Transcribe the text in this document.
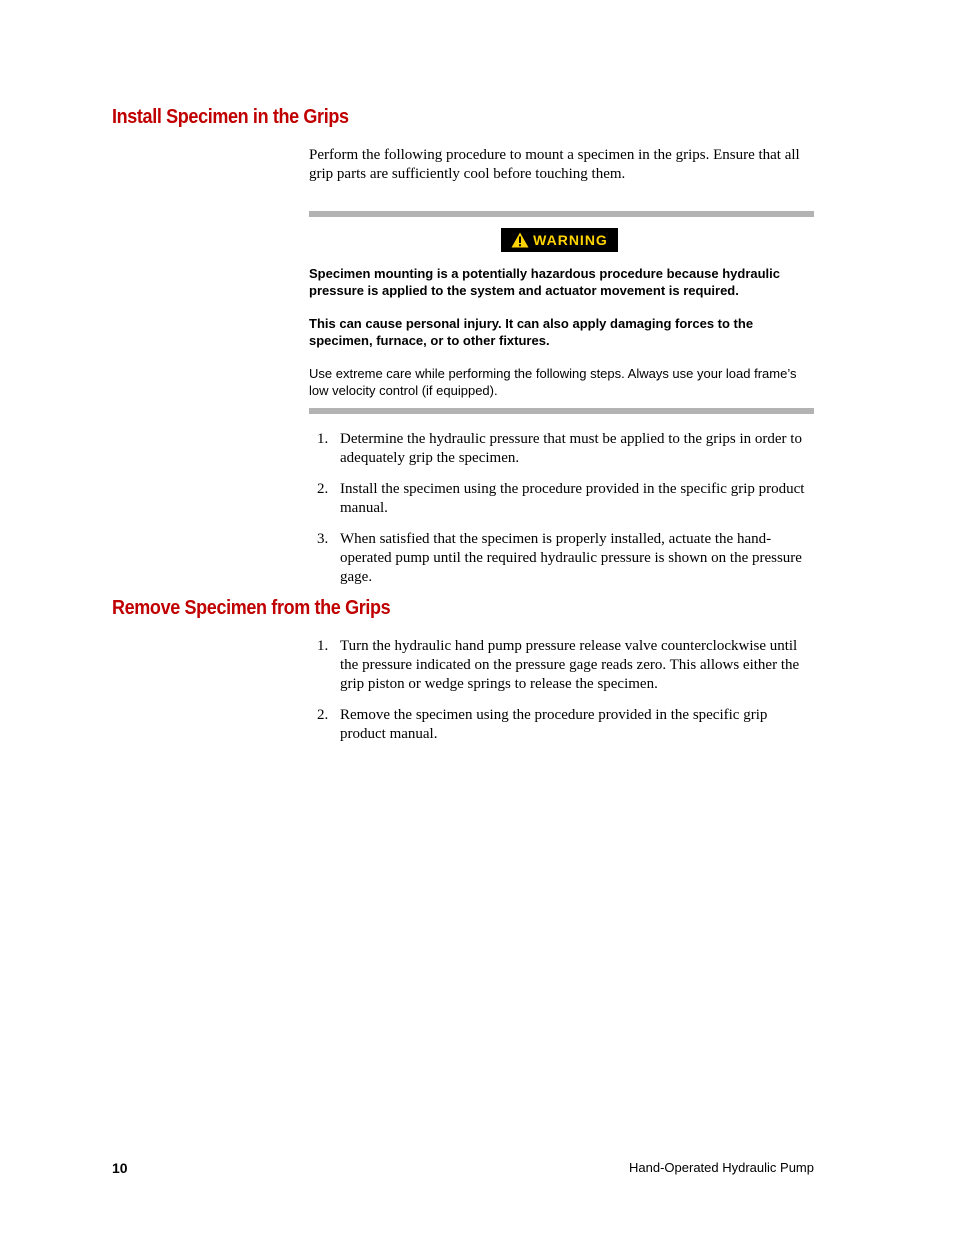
Install Specimen in the Grips

Perform the following procedure to mount a specimen in the grips. Ensure that all grip parts are sufficiently cool before touching them.

WARNING

Specimen mounting is a potentially hazardous procedure because hydraulic pressure is applied to the system and actuator movement is required.

This can cause personal injury. It can also apply damaging forces to the specimen, furnace, or to other fixtures.

Use extreme care while performing the following steps. Always use your load frame’s low velocity control (if equipped).

1. Determine the hydraulic pressure that must be applied to the grips in order to adequately grip the specimen.
2. Install the specimen using the procedure provided in the specific grip product manual.
3. When satisfied that the specimen is properly installed, actuate the hand-operated pump until the required hydraulic pressure is shown on the pressure gage.
Remove Specimen from the Grips
1. Turn the hydraulic hand pump pressure release valve counterclockwise until the pressure indicated on the pressure gage reads zero. This allows either the grip piston or wedge springs to release the specimen.
2. Remove the specimen using the procedure provided in the specific grip product manual.
10	Hand-Operated Hydraulic Pump
